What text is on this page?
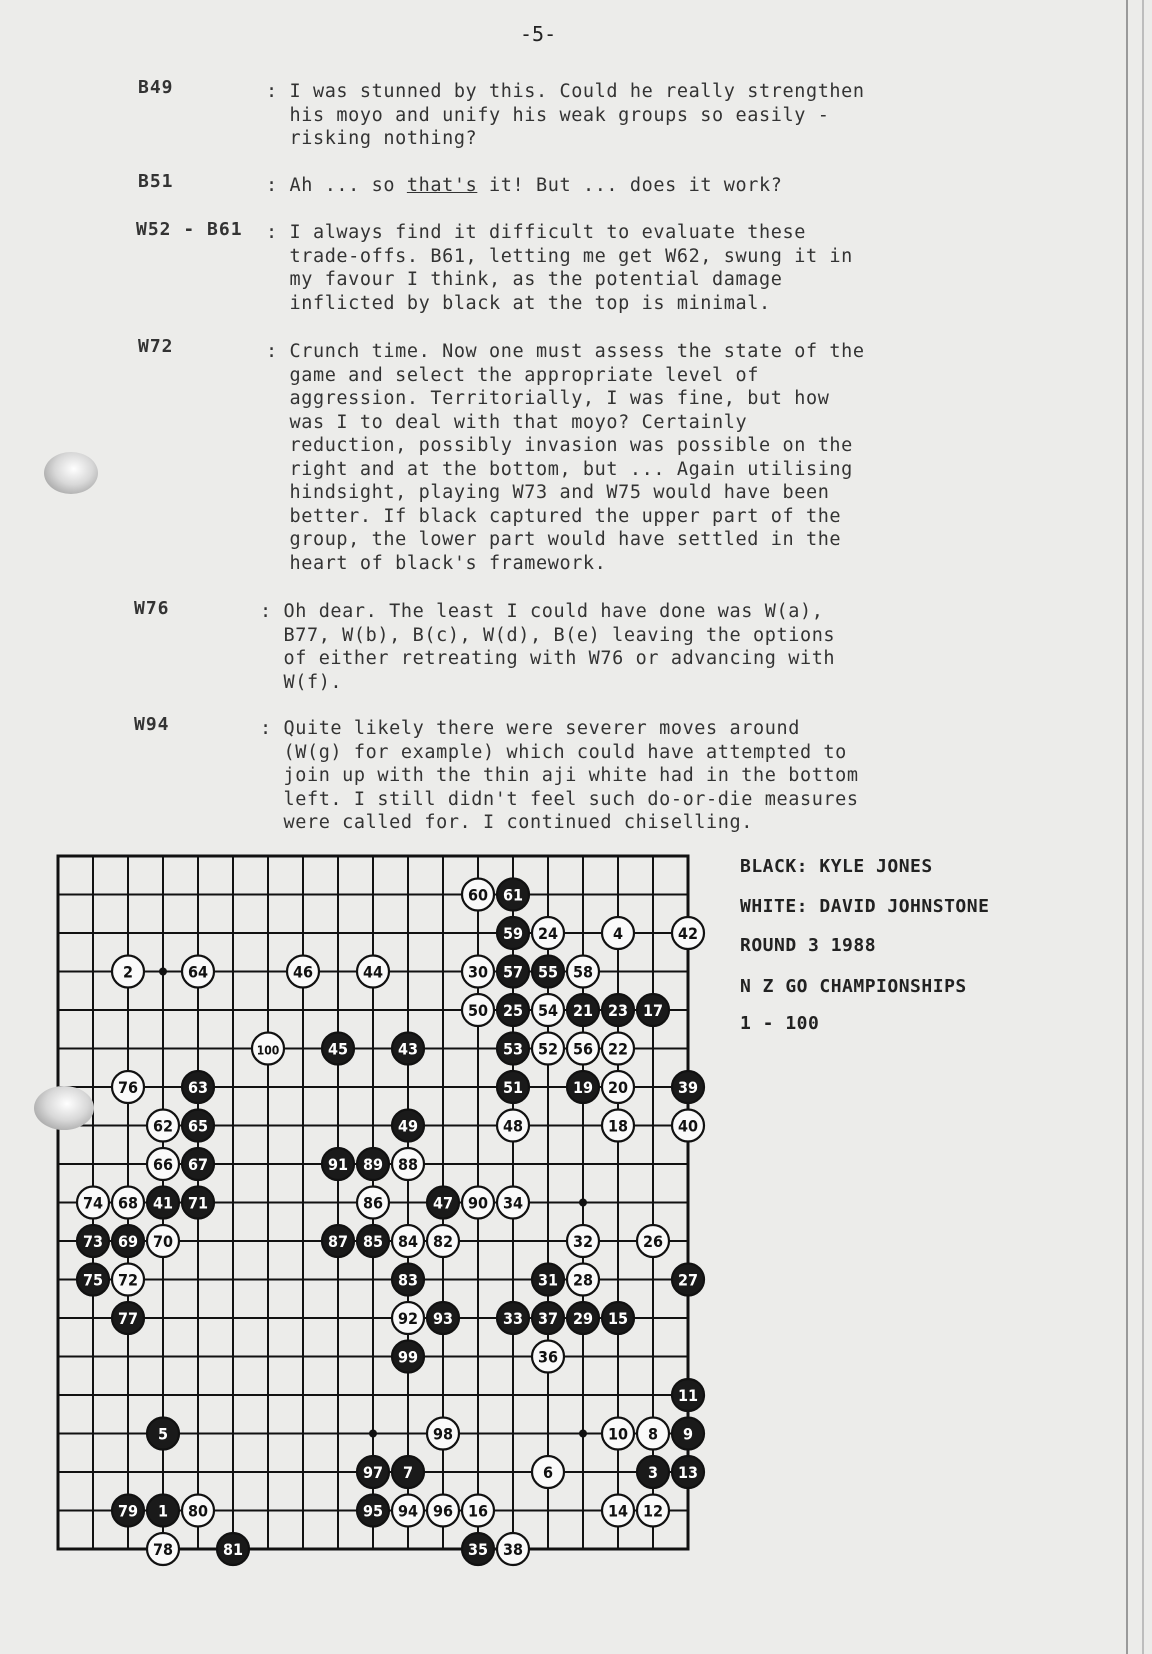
-5-
B49	: I was stunned by this. Could he really strengthen
his moyo and unify his weak groups so easily -
risking nothing?
B51	: Ah ... so that's it! But ... does it work?
W52 - B61 : I always find it difficult to evaluate these
trade-offs. B61, letting me get W62, swung it in
my favour I think, as the potential damage
inflicted by black at the top is minimal.
W72	: Crunch time. Now one must assess the state of the
game and select the appropriate level of
aggression. Territorially, I was fine, but how
was I to deal with that moyo? Certainly
reduction, possibly invasion was possible on the
right and at the bottom, but ... Again utilising
hindsight, playing W73 and W75 would have been
better. If black captured the upper part of the
group, the lower part would have settled in the
heart of black's framework.
W76	: Oh dear. The least I could have done was W(a),
B77, W(b), B(c), W(d), B(e) leaving the options
of either retreating with W76 or advancing with
W(f).
W94	: Quite likely there were severer moves around
(W(g) for example) which could have attempted to
join up with the thin aji white had in the bottom
left. I still didn't feel such do-or-die measures
were called for. I continued chiselling.
1
2
3
4
5
6
7
8 9
10
11
12
13
14
15
16
17
18
19 20
21
22
23
24
25
26
27
28
29
30
31
32
33
34
35
36
37
38
39
40
41
42
43
44
45
46
47
48
49
50
51
52
53
54
55
56
57	58
59
60 61
62
63
64
65
66 67
68
69 70
71
72
73
74
75
76
77
78
79	80
81
82
83
84
85
86
87
88
89
90
91
92 93
94
95	96
97
98
99
100
BLACK: KYLE JONES
WHITE: DAVID JOHNSTONE
ROUND 3 1988
N Z GO CHAMPIONSHIPS
1 - 100
